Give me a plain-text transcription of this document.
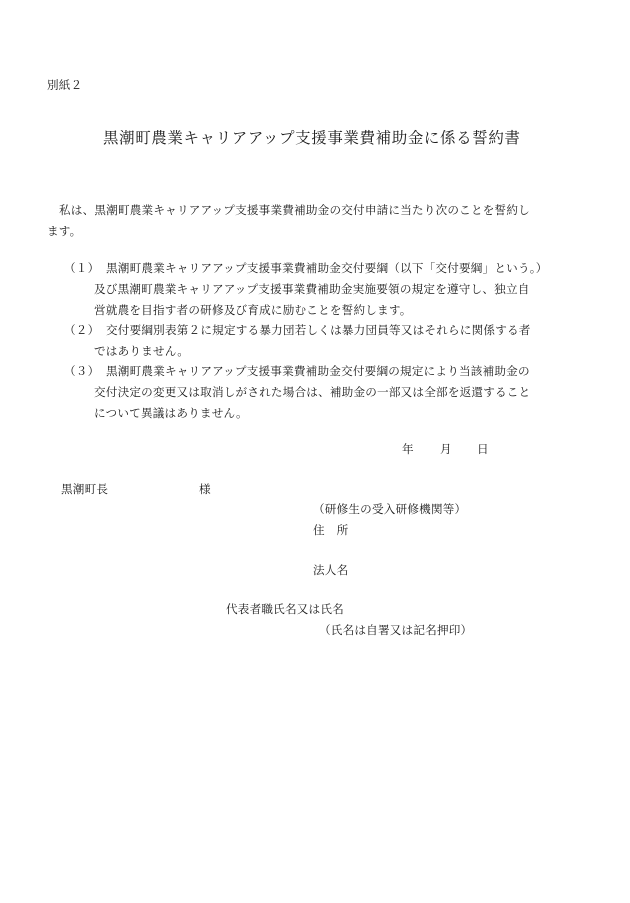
別紙２
黒潮町農業キャリアアップ支援事業費補助金に係る誓約書
私は、黒潮町農業キャリアアップ支援事業費補助金の交付申請に当たり次のことを誓約し
ます。
（１） 黒潮町農業キャリアアップ支援事業費補助金交付要綱（以下「交付要綱」という。）
及び黒潮町農業キャリアアップ支援事業費補助金実施要領の規定を遵守し、独立自
営就農を目指す者の研修及び育成に励むことを誓約します。
（２） 交付要綱別表第２に規定する暴力団若しくは暴力団員等又はそれらに関係する者
ではありません。
（３） 黒潮町農業キャリアアップ支援事業費補助金交付要綱の規定により当該補助金の
交付決定の変更又は取消しがされた場合は、補助金の一部又は全部を返還すること
について異議はありません。
年 月 日
黒潮町長	様
（研修生の受入研修機関等）
住　所
法人名
代表者職氏名又は氏名
（氏名は自署又は記名押印）
